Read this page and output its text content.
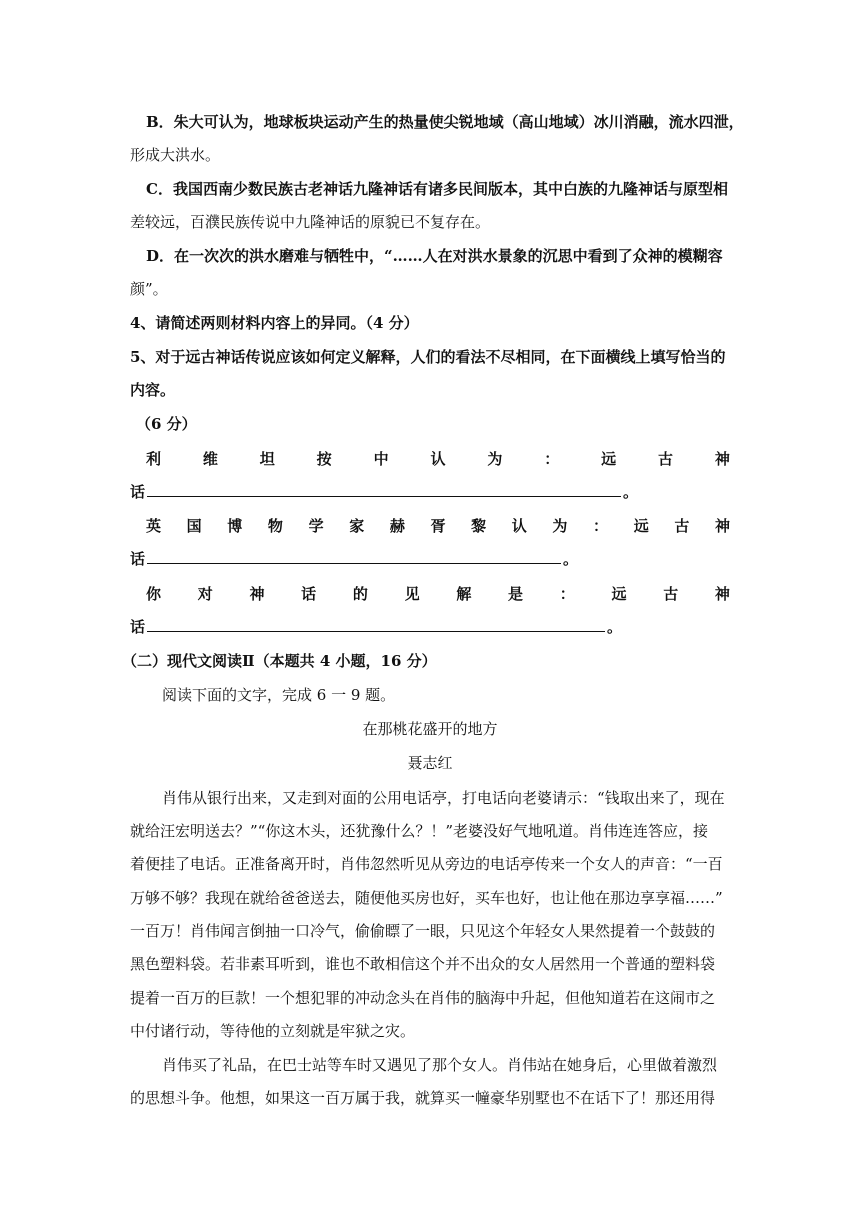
B．朱大可认为，地球板块运动产生的热量使尖锐地域（高山地域）冰川消融，流水四泄，
形成大洪水。
C．我国西南少数民族古老神话九隆神话有诸多民间版本，其中白族的九隆神话与原型相
差较远，百濮民族传说中九隆神话的原貌已不复存在。
D．在一次次的洪水磨难与牺牲中，“……人在对洪水景象的沉思中看到了众神的模糊容
颜”。
4、请简述两则材料内容上的异同。（4 分）
5、对于远古神话传说应该如何定义解释，人们的看法不尽相同，在下面横线上填写恰当的
内容。
（6 分）
利	维	坦	按	中	认	为	：	远	古	神
话	。
英 国 博 物 学 家 赫 胥 黎 认 为 ： 远 古 神
话	。
你 对 神 话 的 见 解 是 ： 远 古 神
话	。
（二）现代文阅读Ⅱ（本题共 4 小题，16 分）
阅读下面的文字，完成 6 一 9 题。
在那桃花盛开的地方
聂志红
肖伟从银行出来，又走到对面的公用电话亭，打电话向老婆请示：“钱取出来了，现在
就给汪宏明送去？”“你这木头，还犹豫什么？！”老婆没好气地吼道。肖伟连连答应，接
着便挂了电话。正准备离开时，肖伟忽然听见从旁边的电话亭传来一个女人的声音：“一百
万够不够？我现在就给爸爸送去，随便他买房也好，买车也好，也让他在那边享享福……”
一百万！肖伟闻言倒抽一口冷气，偷偷瞟了一眼，只见这个年轻女人果然提着一个鼓鼓的
黑色塑料袋。若非素耳听到，谁也不敢相信这个并不出众的女人居然用一个普通的塑料袋
提着一百万的巨款！一个想犯罪的冲动念头在肖伟的脑海中升起，但他知道若在这闹市之
中付诸行动，等待他的立刻就是牢狱之灾。
肖伟买了礼品，在巴士站等车时又遇见了那个女人。肖伟站在她身后，心里做着激烈
的思想斗争。他想，如果这一百万属于我，就算买一幢豪华别墅也不在话下了！那还用得
